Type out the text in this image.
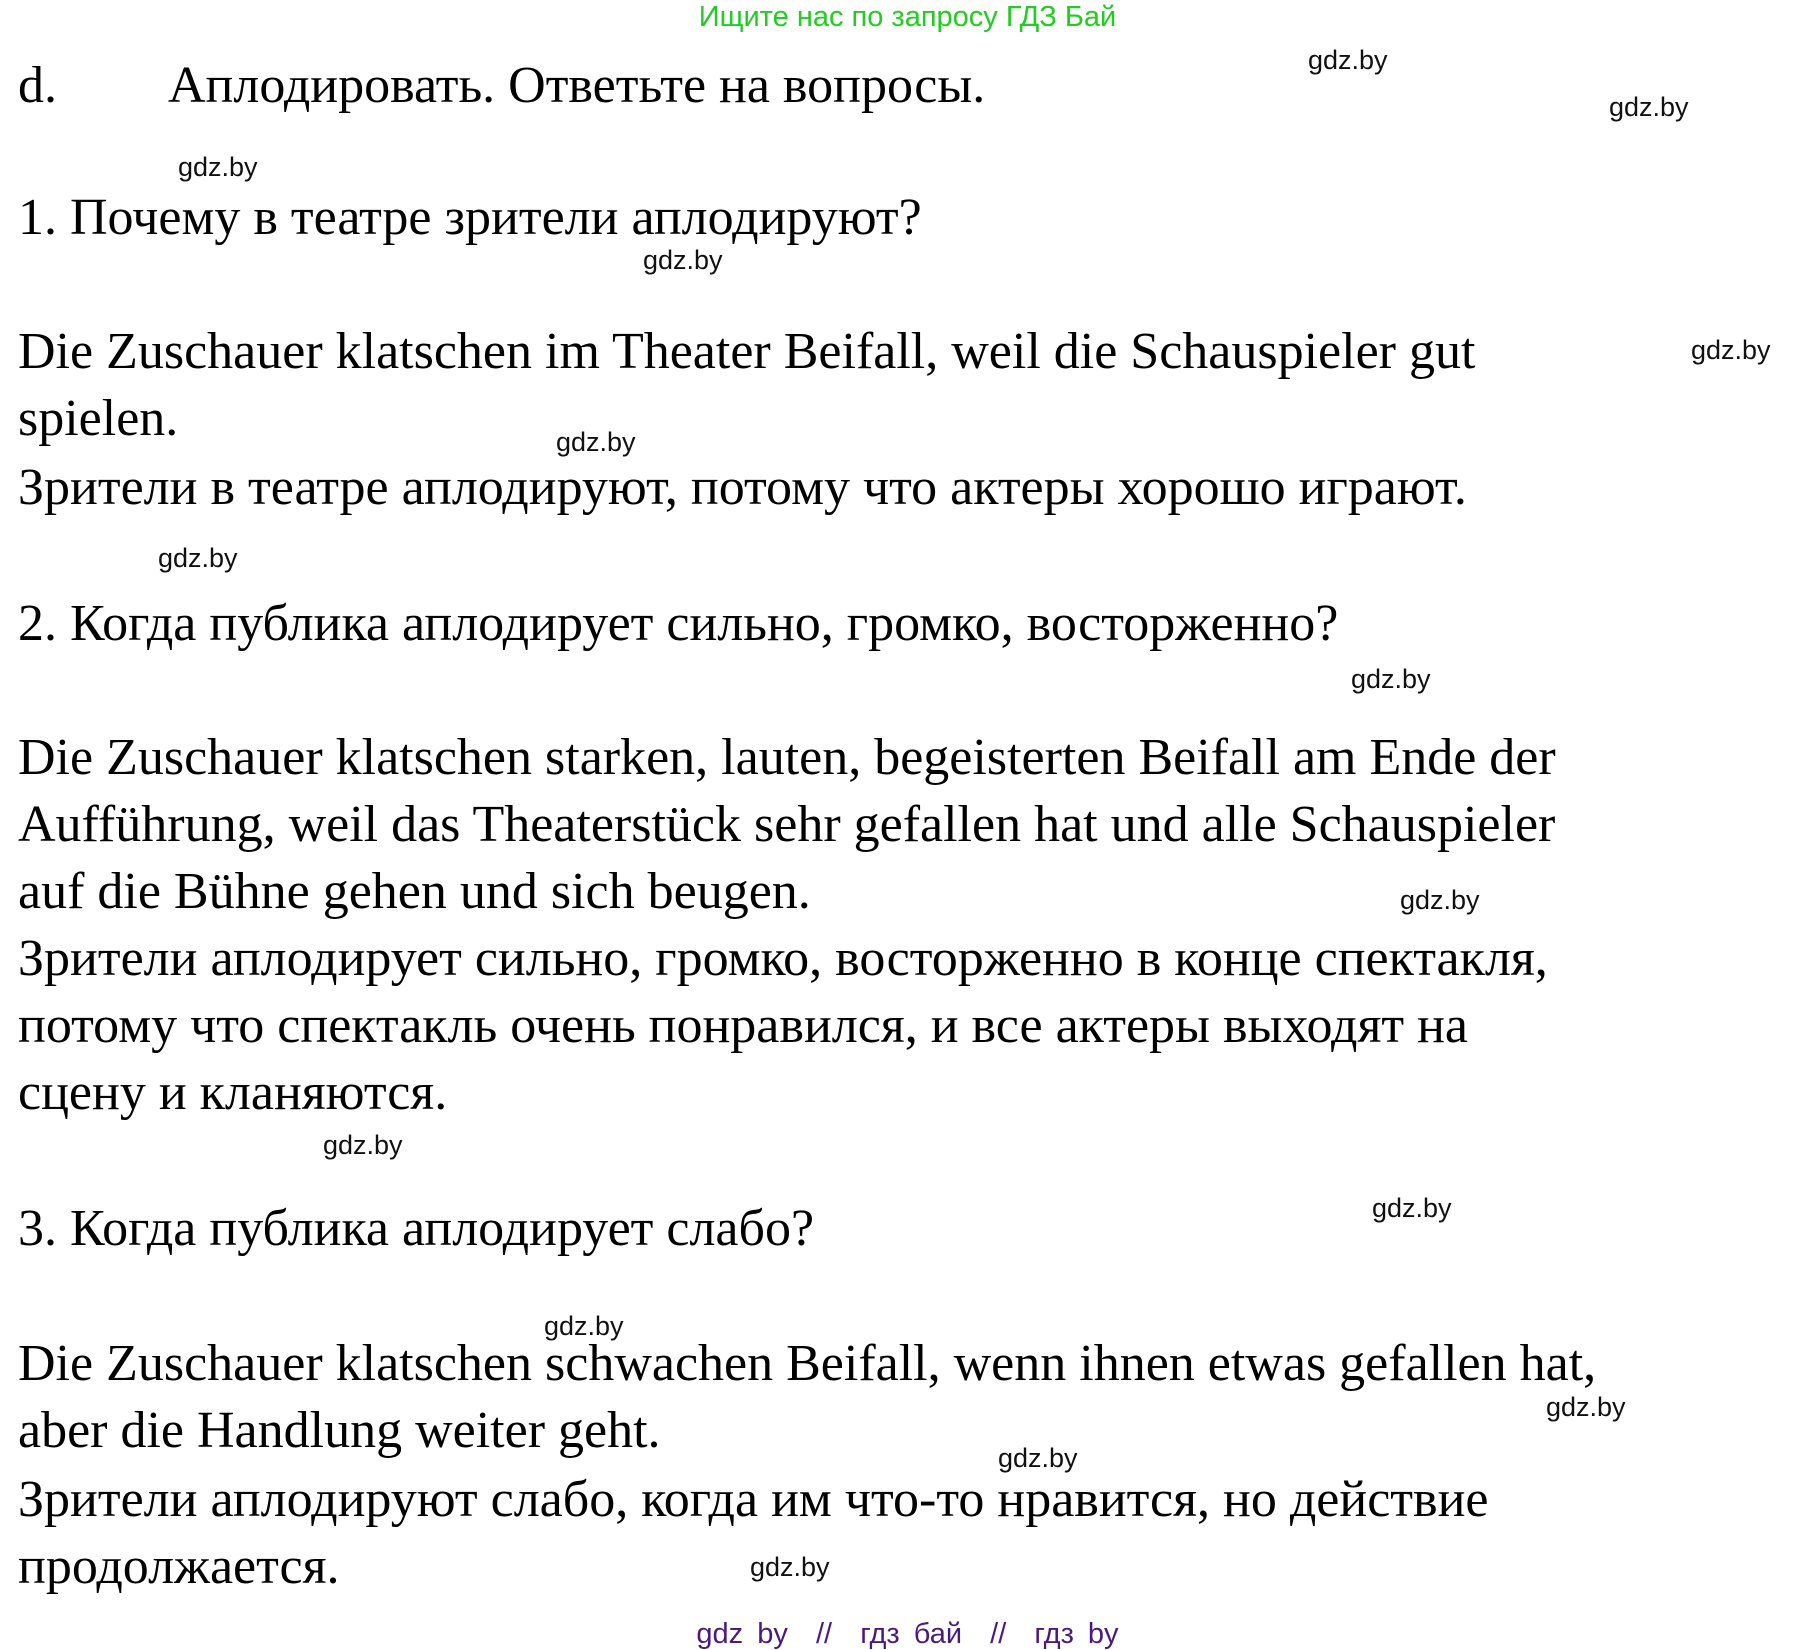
Ищите нас по запросу ГДЗ Бай
d. Аплодировать. Ответьте на вопросы.
1. Почему в театре зрители аплодируют?
Die Zuschauer klatschen im Theater Beifall, weil die Schauspieler gut
spielen.
Зрители в театре аплодируют, потому что актеры хорошо играют.
2. Когда публика аплодирует сильно, громко, восторженно?
Die Zuschauer klatschen starken, lauten, begeisterten Beifall am Ende der
Aufführung, weil das Theaterstück sehr gefallen hat und alle Schauspieler
auf die Bühne gehen und sich beugen.
Зрители аплодирует сильно, громко, восторженно в конце спектакля,
потому что спектакль очень понравился, и все актеры выходят на
сцену и кланяются.
3. Когда публика аплодирует слабо?
Die Zuschauer klatschen schwachen Beifall, wenn ihnen etwas gefallen hat,
aber die Handlung weiter geht.
Зрители аплодируют слабо, когда им что-то нравится, но действие
продолжается.
gdz.by
gdz.by
gdz.by
gdz.by
gdz.by
gdz.by
gdz.by
gdz.by
gdz.by
gdz.by
gdz.by
gdz.by
gdz.by
gdz.by
gdz.by
gdz by  //  гдз бай  //  гдз by
